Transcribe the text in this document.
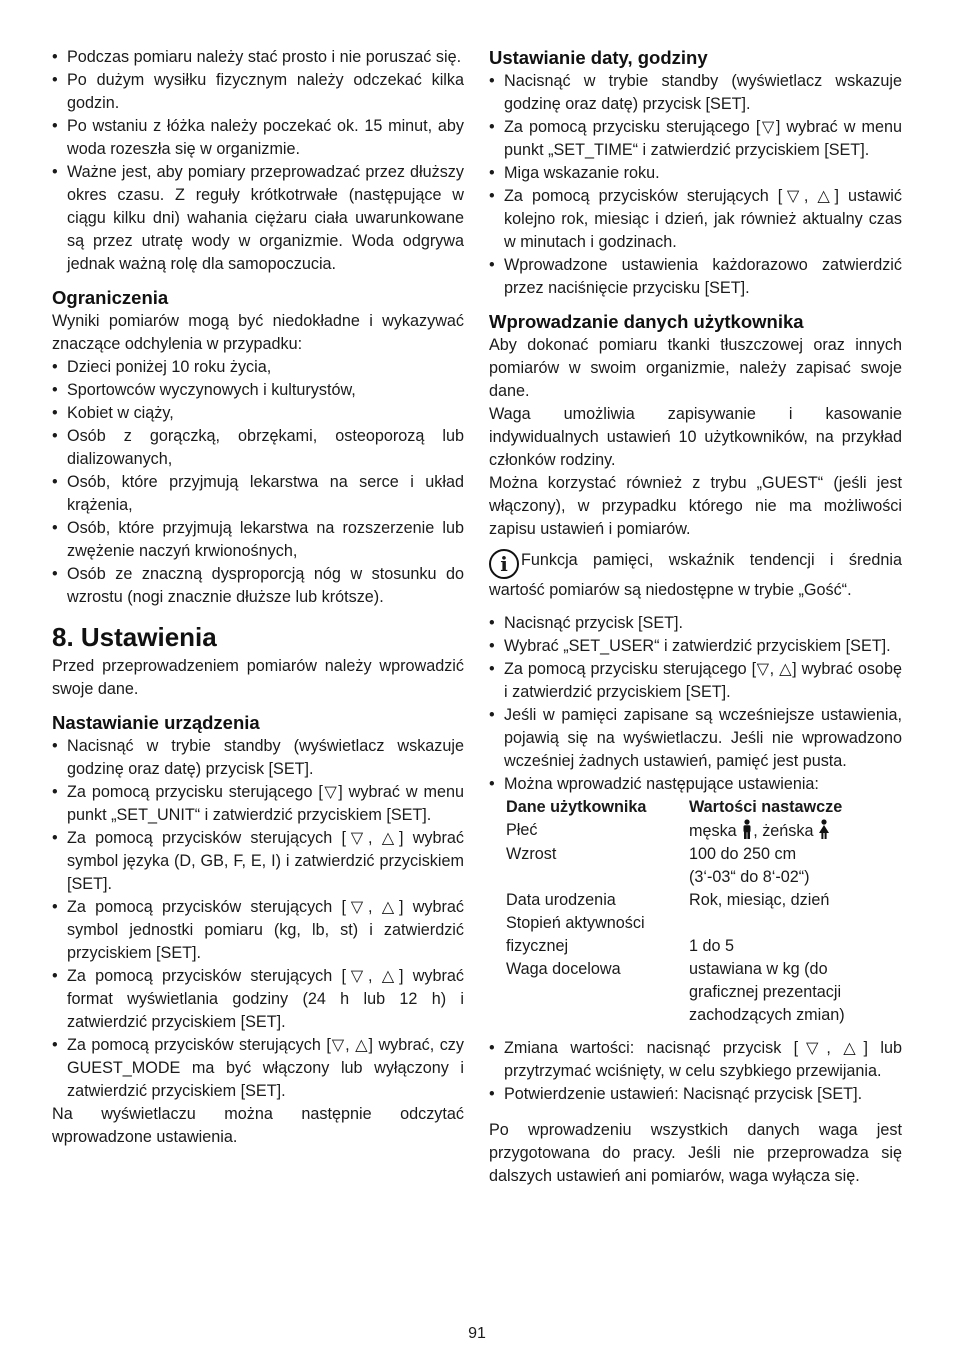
• Podczas pomiaru należy stać prosto i nie poruszać się.
• Po dużym wysiłku fizycznym należy odczekać kilka godzin.
• Po wstaniu z łóżka należy poczekać ok. 15 minut, aby woda rozeszła się w organizmie.
• Ważne jest, aby pomiary przeprowadzać przez dłuższy okres czasu. Z reguły krótkotrwałe (następujące w ciągu kilku dni) wahania ciężaru ciała uwarunkowane są przez utratę wody w organizmie. Woda odgrywa jednak ważną rolę dla samopoczucia.
Ograniczenia

Wyniki pomiarów mogą być niedokładne i wykazywać znaczące odchylenia w przypadku:

• Dzieci poniżej 10 roku życia,
• Sportowców wyczynowych i kulturystów,
• Kobiet w ciąży,
• Osób z gorączką, obrzękami, osteoporozą lub dializowanych,
• Osób, które przyjmują lekarstwa na serce i układ krążenia,
• Osób, które przyjmują lekarstwa na rozszerzenie lub zwężenie naczyń krwionośnych,
• Osób ze znaczną dysproporcją nóg w stosunku do wzrostu (nogi znacznie dłuższe lub krótsze).
8. Ustawienia

Przed przeprowadzeniem pomiarów należy wprowadzić swoje dane.

Nastawianie urządzenia
• Nacisnąć w trybie standby (wyświetlacz wskazuje godzinę oraz datę) przycisk [SET].
• Za pomocą przycisku sterującego [▽] wybrać w menu punkt „SET_UNIT“ i zatwierdzić przyciskiem [SET].
• Za pomocą przycisków sterujących [▽, △] wybrać symbol języka (D, GB, F, E, I) i zatwierdzić przyciskiem [SET].
• Za pomocą przycisków sterujących [▽, △] wybrać symbol jednostki pomiaru (kg, lb, st) i zatwierdzić przyciskiem [SET].
• Za pomocą przycisków sterujących [▽, △] wybrać format wyświetlania godziny (24 h lub 12 h) i zatwierdzić przyciskiem [SET].
• Za pomocą przycisków sterujących [▽, △] wybrać, czy GUEST_MODE ma być włączony lub wyłączony i zatwierdzić przyciskiem [SET].

Na wyświetlaczu można następnie odczytać wprowadzone ustawienia.

Ustawianie daty, godziny
• Nacisnąć w trybie standby (wyświetlacz wskazuje godzinę oraz datę) przycisk [SET].
• Za pomocą przycisku sterującego [▽] wybrać w menu punkt „SET_TIME“ i zatwierdzić przyciskiem [SET].
• Miga wskazanie roku.
• Za pomocą przycisków sterujących [▽, △] ustawić kolejno rok, miesiąc i dzień, jak również aktualny czas w minutach i godzinach.
• Wprowadzone ustawienia każdorazowo zatwierdzić przez naciśnięcie przycisku [SET].
Wprowadzanie danych użytkownika

Aby dokonać pomiaru tkanki tłuszczowej oraz innych pomiarów w swoim organizmie, należy zapisać swoje dane.

Waga umożliwia zapisywanie i kasowanie indywidualnych ustawień 10 użytkowników, na przykład członków rodziny.

Można korzystać również z trybu „GUEST“ (jeśli jest włączony), w przypadku którego nie ma możliwości zapisu ustawień i pomiarów.

i Funkcja pamięci, wskaźnik tendencji i średnia wartość pomiarów są niedostępne w trybie „Gość“.
• Nacisnąć przycisk [SET].
• Wybrać „SET_USER“ i zatwierdzić przyciskiem [SET].
• Za pomocą przycisku sterującego [▽, △] wybrać osobę i zatwierdzić przyciskiem [SET].
• Jeśli w pamięci zapisane są wcześniejsze ustawienia, pojawią się na wyświetlaczu. Jeśli nie wprowadzono wcześniej żadnych ustawień, pamięć jest pusta.
• Można wprowadzić następujące ustawienia:
Dane użytkownika	Wartości nastawcze
Płeć	męska , żeńska
Wzrost	100 do 250 cm
(3‘-03“ do 8‘-02“)

Data urodzenia	Rok, miesiąc, dzień

Stopień aktywności
fizycznej	1 do 5

Waga docelowa	ustawiana w kg (do graficznej prezentacji zachodzących zmian)
• Zmiana wartości: nacisnąć przycisk [▽, △] lub przytrzymać wciśnięty, w celu szybkiego przewijania.
• Potwierdzenie ustawień: Nacisnąć przycisk [SET].

Po wprowadzeniu wszystkich danych waga jest przygotowana do pracy. Jeśli nie przeprowadza się dalszych ustawień ani pomiarów, waga wyłącza się.

91
